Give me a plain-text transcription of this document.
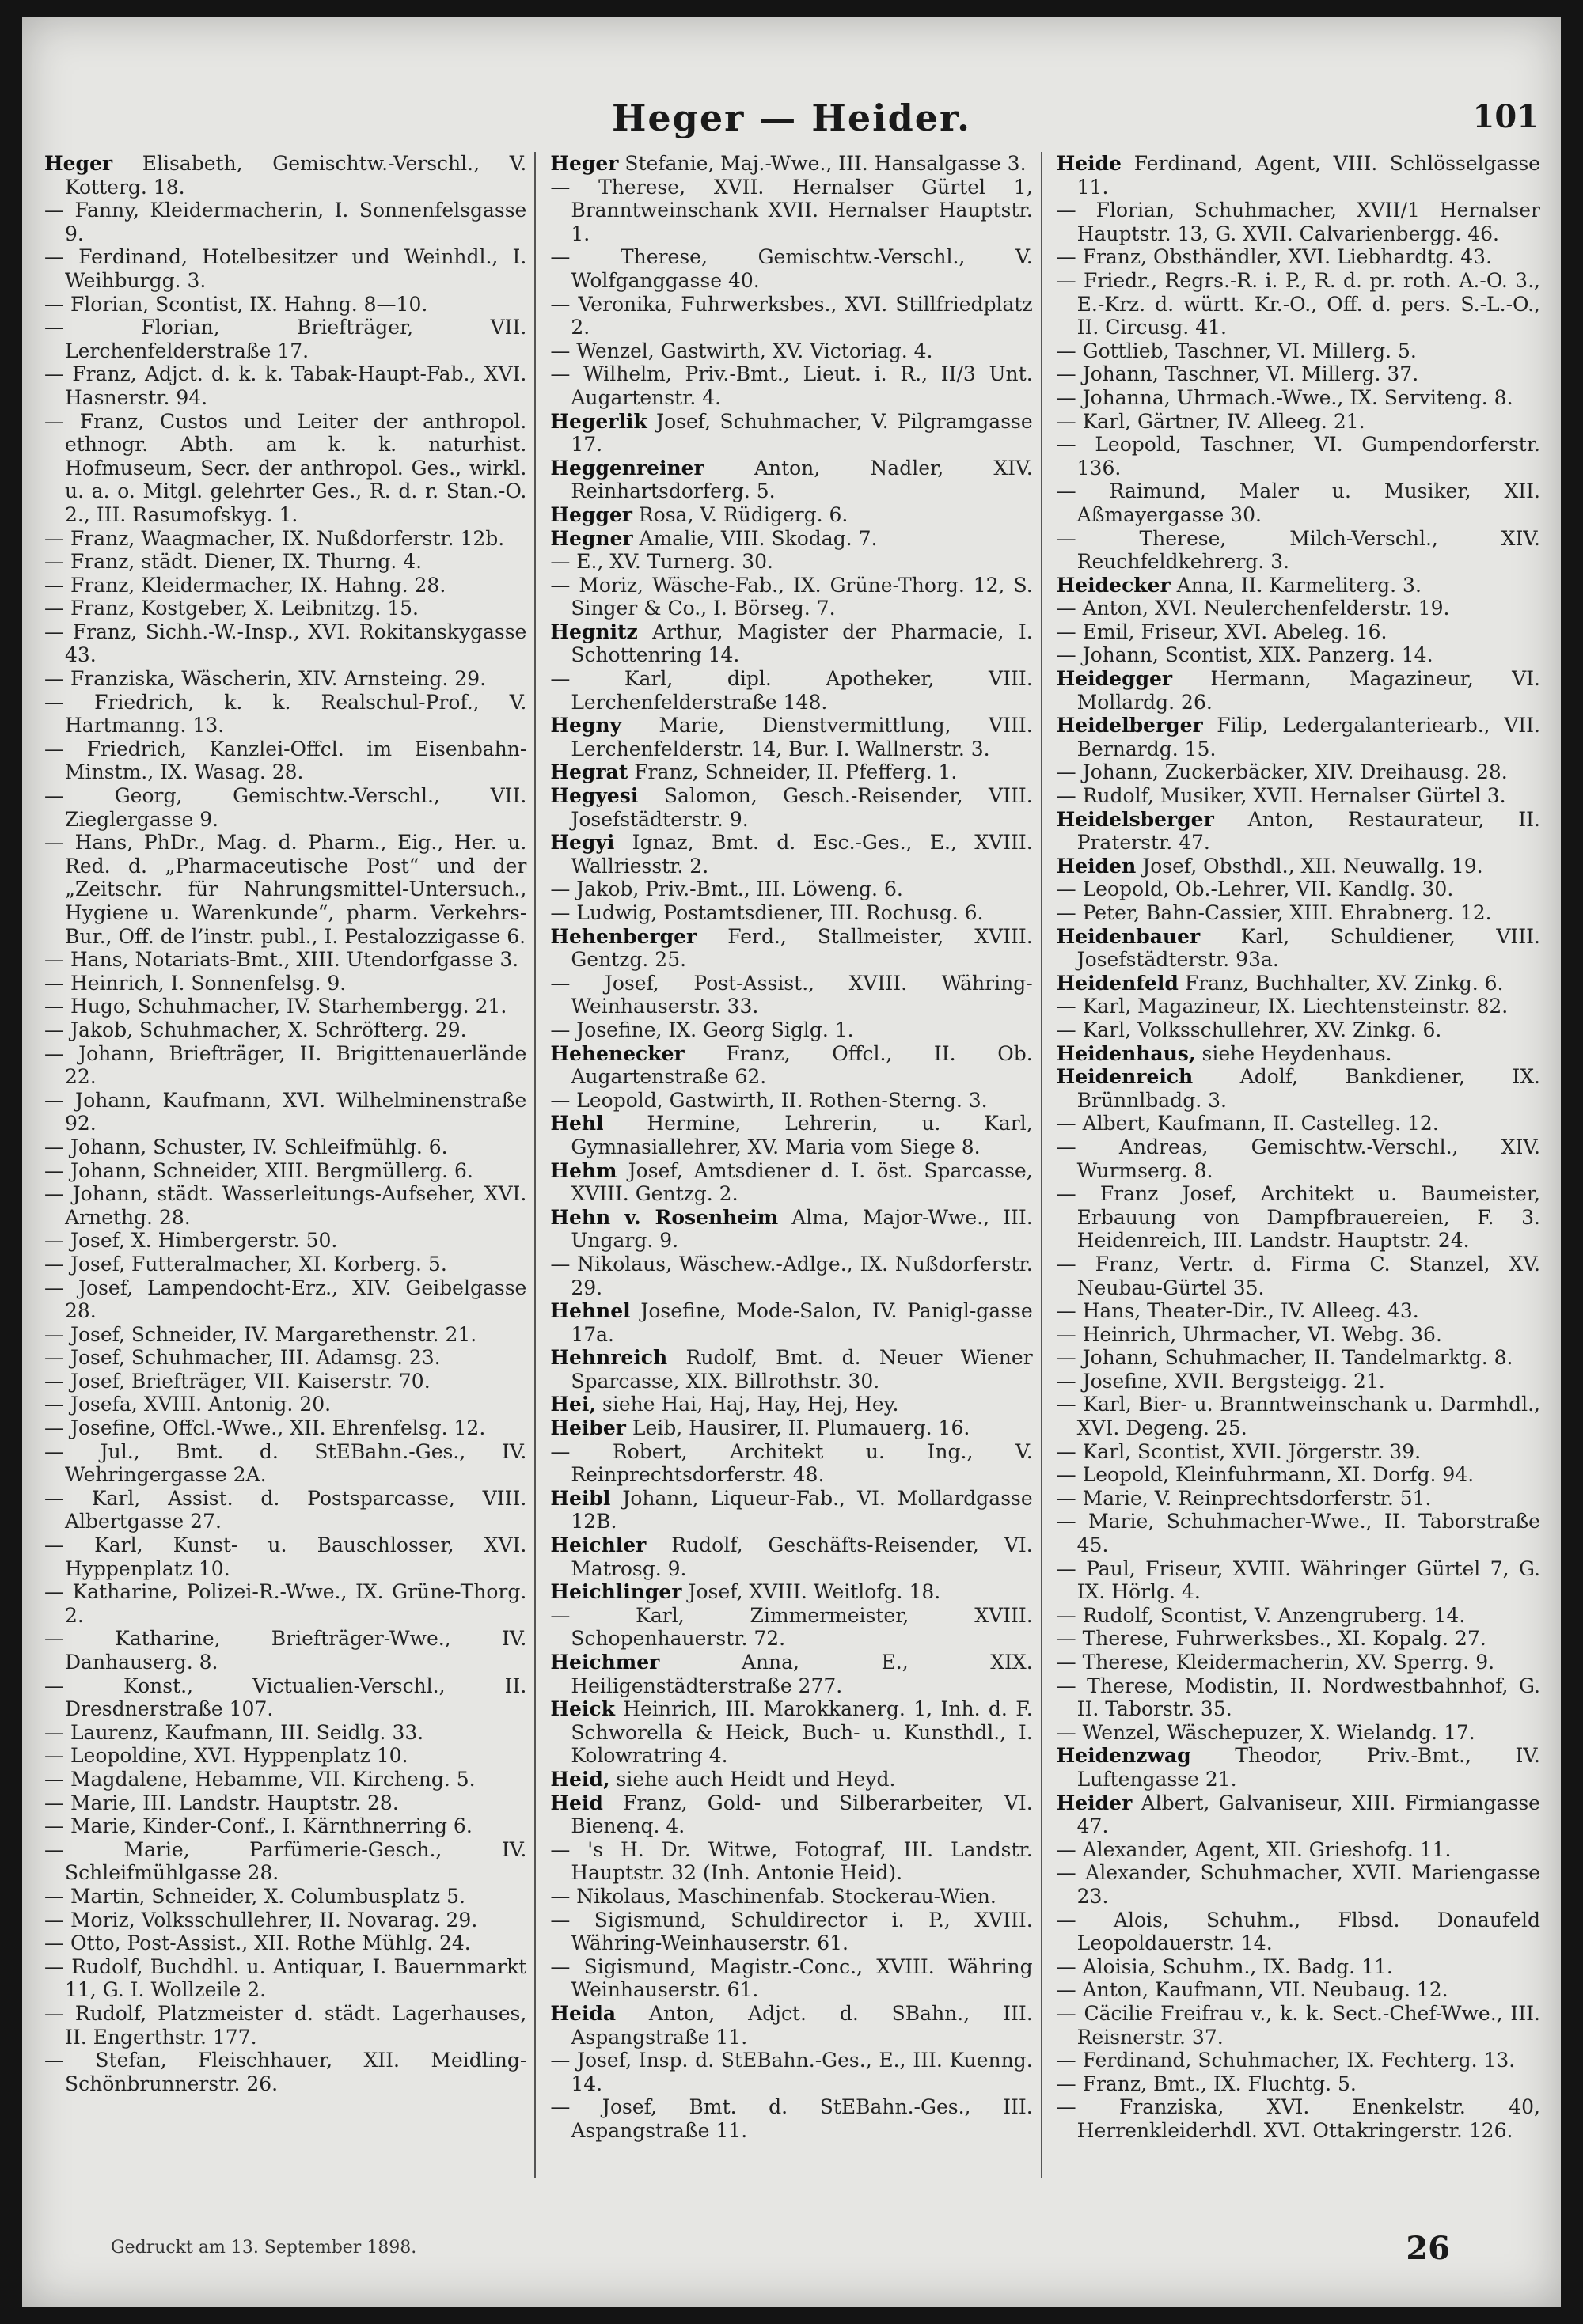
Heger — Heider.	101
Heger Elisabeth, Gemischtw.-Verschl., V. Kotterg. 18.
— Fanny, Kleidermacherin, I. Sonnenfelsgasse 9.
— Ferdinand, Hotelbesitzer und Weinhdl., I. Weihburgg. 3.
— Florian, Scontist, IX. Hahng. 8—10.
— Florian, Briefträger, VII. Lerchenfelderstraße 17.
— Franz, Adjct. d. k. k. Tabak-Haupt-Fab., XVI. Hasnerstr. 94.
— Franz, Custos und Leiter der anthropol. ethnogr. Abth. am k. k. naturhist. Hofmuseum, Secr. der anthropol. Ges., wirkl. u. a. o. Mitgl. gelehrter Ges., R. d. r. Stan.-O. 2., III. Rasumofskyg. 1.
— Franz, Waagmacher, IX. Nußdorferstr. 12b.
— Franz, städt. Diener, IX. Thurng. 4.
— Franz, Kleidermacher, IX. Hahng. 28.
— Franz, Kostgeber, X. Leibnitzg. 15.
— Franz, Sichh.-W.-Insp., XVI. Rokitanskygasse 43.
— Franziska, Wäscherin, XIV. Arnsteing. 29.
— Friedrich, k. k. Realschul-Prof., V. Hartmanng. 13.
— Friedrich, Kanzlei-Offcl. im Eisenbahn-Minstm., IX. Wasag. 28.
— Georg, Gemischtw.-Verschl., VII. Zieglergasse 9.
— Hans, PhDr., Mag. d. Pharm., Eig., Her. u. Red. d. „Pharmaceutische Post“ und der „Zeitschr. für Nahrungsmittel-Untersuch., Hygiene u. Warenkunde“, pharm. Verkehrs-Bur., Off. de l’instr. publ., I. Pestalozzigasse 6.
— Hans, Notariats-Bmt., XIII. Utendorfgasse 3.
— Heinrich, I. Sonnenfelsg. 9.
— Hugo, Schuhmacher, IV. Starhembergg. 21.
— Jakob, Schuhmacher, X. Schröfterg. 29.
— Johann, Briefträger, II. Brigittenauerlände 22.
— Johann, Kaufmann, XVI. Wilhelminenstraße 92.
— Johann, Schuster, IV. Schleifmühlg. 6.
— Johann, Schneider, XIII. Bergmüllerg. 6.
— Johann, städt. Wasserleitungs-Aufseher, XVI. Arnethg. 28.
— Josef, X. Himbergerstr. 50.
— Josef, Futteralmacher, XI. Korberg. 5.
— Josef, Lampendocht-Erz., XIV. Geibelgasse 28.
— Josef, Schneider, IV. Margarethenstr. 21.
— Josef, Schuhmacher, III. Adamsg. 23.
— Josef, Briefträger, VII. Kaiserstr. 70.
— Josefa, XVIII. Antonig. 20.
— Josefine, Offcl.-Wwe., XII. Ehrenfelsg. 12.
— Jul., Bmt. d. StEBahn.-Ges., IV. Wehringergasse 2A.
— Karl, Assist. d. Postsparcasse, VIII. Albertgasse 27.
— Karl, Kunst- u. Bauschlosser, XVI. Hyppenplatz 10.
— Katharine, Polizei-R.-Wwe., IX. Grüne-Thorg. 2.
— Katharine, Briefträger-Wwe., IV. Danhauserg. 8.
— Konst., Victualien-Verschl., II. Dresdnerstraße 107.
— Laurenz, Kaufmann, III. Seidlg. 33.
— Leopoldine, XVI. Hyppenplatz 10.
— Magdalene, Hebamme, VII. Kircheng. 5.
— Marie, III. Landstr. Hauptstr. 28.
— Marie, Kinder-Conf., I. Kärnthnerring 6.
— Marie, Parfümerie-Gesch., IV. Schleifmühlgasse 28.
— Martin, Schneider, X. Columbusplatz 5.
— Moriz, Volksschullehrer, II. Novarag. 29.
— Otto, Post-Assist., XII. Rothe Mühlg. 24.
— Rudolf, Buchdhl. u. Antiquar, I. Bauernmarkt 11, G. I. Wollzeile 2.
— Rudolf, Platzmeister d. städt. Lagerhauses, II. Engerthstr. 177.
— Stefan, Fleischhauer, XII. Meidling-Schönbrunnerstr. 26.
Heger Stefanie, Maj.-Wwe., III. Hansalgasse 3.
— Therese, XVII. Hernalser Gürtel 1, Branntweinschank XVII. Hernalser Hauptstr. 1.
— Therese, Gemischtw.-Verschl., V. Wolfganggasse 40.
— Veronika, Fuhrwerksbes., XVI. Stillfriedplatz 2.
— Wenzel, Gastwirth, XV. Victoriag. 4.
— Wilhelm, Priv.-Bmt., Lieut. i. R., II/3 Unt. Augartenstr. 4.
Hegerlik Josef, Schuhmacher, V. Pilgramgasse 17.
Heggenreiner Anton, Nadler, XIV. Reinhartsdorferg. 5.
Hegger Rosa, V. Rüdigerg. 6.
Hegner Amalie, VIII. Skodag. 7.
— E., XV. Turnerg. 30.
— Moriz, Wäsche-Fab., IX. Grüne-Thorg. 12, S. Singer & Co., I. Börseg. 7.
Hegnitz Arthur, Magister der Pharmacie, I. Schottenring 14.
— Karl, dipl. Apotheker, VIII. Lerchenfelderstraße 148.
Hegny Marie, Dienstvermittlung, VIII. Lerchenfelderstr. 14, Bur. I. Wallnerstr. 3.
Hegrat Franz, Schneider, II. Pfefferg. 1.
Hegyesi Salomon, Gesch.-Reisender, VIII. Josefstädterstr. 9.
Hegyi Ignaz, Bmt. d. Esc.-Ges., E., XVIII. Wallriesstr. 2.
— Jakob, Priv.-Bmt., III. Löweng. 6.
— Ludwig, Postamtsdiener, III. Rochusg. 6.
Hehenberger Ferd., Stallmeister, XVIII. Gentzg. 25.
— Josef, Post-Assist., XVIII. Währing-Weinhauserstr. 33.
— Josefine, IX. Georg Siglg. 1.
Hehenecker Franz, Offcl., II. Ob. Augartenstraße 62.
— Leopold, Gastwirth, II. Rothen-Sterng. 3.
Hehl Hermine, Lehrerin, u. Karl, Gymnasiallehrer, XV. Maria vom Siege 8.
Hehm Josef, Amtsdiener d. I. öst. Sparcasse, XVIII. Gentzg. 2.
Hehn v. Rosenheim Alma, Major-Wwe., III. Ungarg. 9.
— Nikolaus, Wäschew.-Adlge., IX. Nußdorferstr. 29.
Hehnel Josefine, Mode-Salon, IV. Panigl-gasse 17a.
Hehnreich Rudolf, Bmt. d. Neuer Wiener Sparcasse, XIX. Billrothstr. 30.
Hei, siehe Hai, Haj, Hay, Hej, Hey.
Heiber Leib, Hausirer, II. Plumauerg. 16.
— Robert, Architekt u. Ing., V. Reinprechtsdorferstr. 48.
Heibl Johann, Liqueur-Fab., VI. Mollardgasse 12B.
Heichler Rudolf, Geschäfts-Reisender, VI. Matrosg. 9.
Heichlinger Josef, XVIII. Weitlofg. 18.
— Karl, Zimmermeister, XVIII. Schopenhauerstr. 72.
Heichmer Anna, E., XIX. Heiligenstädterstraße 277.
Heick Heinrich, III. Marokkanerg. 1, Inh. d. F. Schworella & Heick, Buch- u. Kunsthdl., I. Kolowratring 4.
Heid, siehe auch Heidt und Heyd.
Heid Franz, Gold- und Silberarbeiter, VI. Bienenq. 4.
— 's H. Dr. Witwe, Fotograf, III. Landstr. Hauptstr. 32 (Inh. Antonie Heid).
— Nikolaus, Maschinenfab. Stockerau-Wien.
— Sigismund, Schuldirector i. P., XVIII. Währing-Weinhauserstr. 61.
— Sigismund, Magistr.-Conc., XVIII. Währing Weinhauserstr. 61.
Heida Anton, Adjct. d. SBahn., III. Aspangstraße 11.
— Josef, Insp. d. StEBahn.-Ges., E., III. Kuenng. 14.
— Josef, Bmt. d. StEBahn.-Ges., III. Aspangstraße 11.
Heide Ferdinand, Agent, VIII. Schlösselgasse 11.
— Florian, Schuhmacher, XVII/1 Hernalser Hauptstr. 13, G. XVII. Calvarienbergg. 46.
— Franz, Obsthändler, XVI. Liebhardtg. 43.
— Friedr., Regrs.-R. i. P., R. d. pr. roth. A.-O. 3., E.-Krz. d. württ. Kr.-O., Off. d. pers. S.-L.-O., II. Circusg. 41.
— Gottlieb, Taschner, VI. Millerg. 5.
— Johann, Taschner, VI. Millerg. 37.
— Johanna, Uhrmach.-Wwe., IX. Serviteng. 8.
— Karl, Gärtner, IV. Alleeg. 21.
— Leopold, Taschner, VI. Gumpendorferstr. 136.
— Raimund, Maler u. Musiker, XII. Aßmayergasse 30.
— Therese, Milch-Verschl., XIV. Reuchfeldkehrerg. 3.
Heidecker Anna, II. Karmeliterg. 3.
— Anton, XVI. Neulerchenfelderstr. 19.
— Emil, Friseur, XVI. Abeleg. 16.
— Johann, Scontist, XIX. Panzerg. 14.
Heidegger Hermann, Magazineur, VI. Mollardg. 26.
Heidelberger Filip, Ledergalanteriearb., VII. Bernardg. 15.
— Johann, Zuckerbäcker, XIV. Dreihausg. 28.
— Rudolf, Musiker, XVII. Hernalser Gürtel 3.
Heidelsberger Anton, Restaurateur, II. Praterstr. 47.
Heiden Josef, Obsthdl., XII. Neuwallg. 19.
— Leopold, Ob.-Lehrer, VII. Kandlg. 30.
— Peter, Bahn-Cassier, XIII. Ehrabnerg. 12.
Heidenbauer Karl, Schuldiener, VIII. Josefstädterstr. 93a.
Heidenfeld Franz, Buchhalter, XV. Zinkg. 6.
— Karl, Magazineur, IX. Liechtensteinstr. 82.
— Karl, Volksschullehrer, XV. Zinkg. 6.
Heidenhaus, siehe Heydenhaus.
Heidenreich Adolf, Bankdiener, IX. Brünnlbadg. 3.
— Albert, Kaufmann, II. Castelleg. 12.
— Andreas, Gemischtw.-Verschl., XIV. Wurmserg. 8.
— Franz Josef, Architekt u. Baumeister, Erbauung von Dampfbrauereien, F. 3. Heidenreich, III. Landstr. Hauptstr. 24.
— Franz, Vertr. d. Firma C. Stanzel, XV. Neubau-Gürtel 35.
— Hans, Theater-Dir., IV. Alleeg. 43.
— Heinrich, Uhrmacher, VI. Webg. 36.
— Johann, Schuhmacher, II. Tandelmarktg. 8.
— Josefine, XVII. Bergsteigg. 21.
— Karl, Bier- u. Branntweinschank u. Darmhdl., XVI. Degeng. 25.
— Karl, Scontist, XVII. Jörgerstr. 39.
— Leopold, Kleinfuhrmann, XI. Dorfg. 94.
— Marie, V. Reinprechtsdorferstr. 51.
— Marie, Schuhmacher-Wwe., II. Taborstraße 45.
— Paul, Friseur, XVIII. Währinger Gürtel 7, G. IX. Hörlg. 4.
— Rudolf, Scontist, V. Anzengruberg. 14.
— Therese, Fuhrwerksbes., XI. Kopalg. 27.
— Therese, Kleidermacherin, XV. Sperrg. 9.
— Therese, Modistin, II. Nordwestbahnhof, G. II. Taborstr. 35.
— Wenzel, Wäschepuzer, X. Wielandg. 17.
Heidenzwag Theodor, Priv.-Bmt., IV. Luftengasse 21.
Heider Albert, Galvaniseur, XIII. Firmiangasse 47.
— Alexander, Agent, XII. Grieshofg. 11.
— Alexander, Schuhmacher, XVII. Mariengasse 23.
— Alois, Schuhm., Flbsd. Donaufeld Leopoldauerstr. 14.
— Aloisia, Schuhm., IX. Badg. 11.
— Anton, Kaufmann, VII. Neubaug. 12.
— Cäcilie Freifrau v., k. k. Sect.-Chef-Wwe., III. Reisnerstr. 37.
— Ferdinand, Schuhmacher, IX. Fechterg. 13.
— Franz, Bmt., IX. Fluchtg. 5.
— Franziska, XVI. Enenkelstr. 40, Herrenkleiderhdl. XVI. Ottakringerstr. 126.
Gedruckt am 13. September 1898.	26
